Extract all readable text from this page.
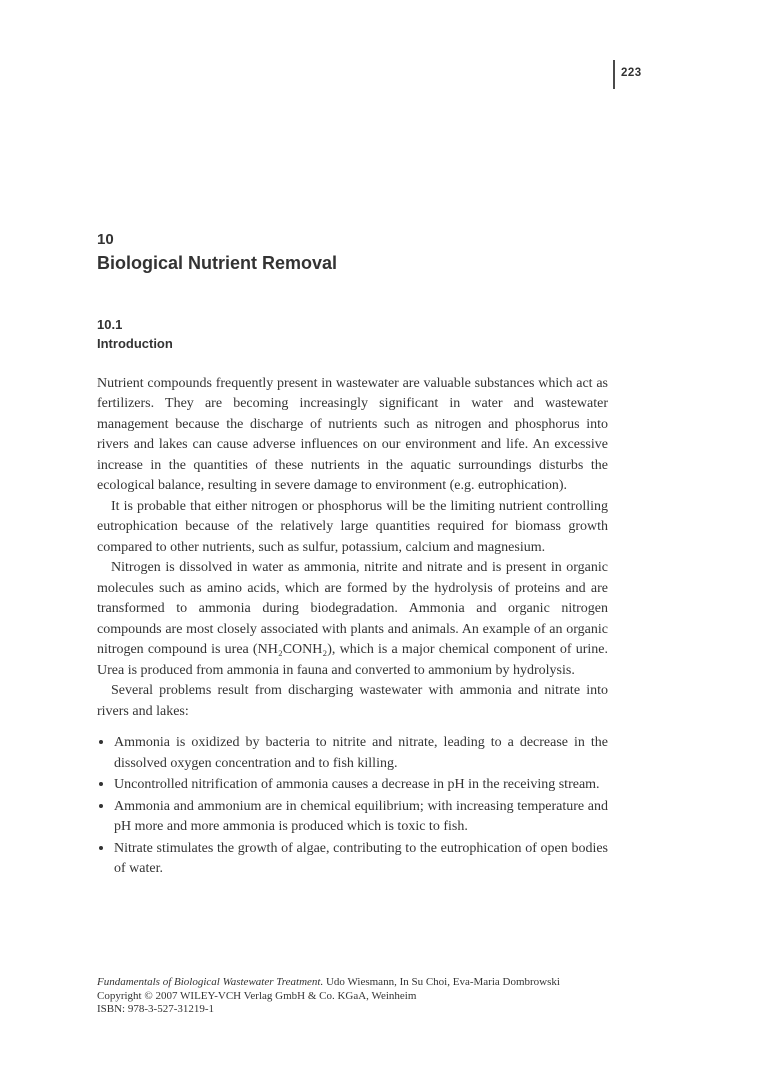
223
10
Biological Nutrient Removal
10.1
Introduction

Nutrient compounds frequently present in wastewater are valuable substances which act as fertilizers. They are becoming increasingly significant in water and wastewater management because the discharge of nutrients such as nitrogen and phosphorus into rivers and lakes can cause adverse influences on our environment and life. An excessive increase in the quantities of these nutrients in the aquatic surroundings disturbs the ecological balance, resulting in severe damage to environment (e.g. eutrophication).

It is probable that either nitrogen or phosphorus will be the limiting nutrient controlling eutrophication because of the relatively large quantities required for biomass growth compared to other nutrients, such as sulfur, potassium, calcium and magnesium.

Nitrogen is dissolved in water as ammonia, nitrite and nitrate and is present in organic molecules such as amino acids, which are formed by the hydrolysis of proteins and are transformed to ammonia during biodegradation. Ammonia and organic nitrogen compounds are most closely associated with plants and animals. An example of an organic nitrogen compound is urea (NH₂CONH₂), which is a major chemical component of urine. Urea is produced from ammonia in fauna and converted to ammonium by hydrolysis.

Several problems result from discharging wastewater with ammonia and nitrate into rivers and lakes:

• Ammonia is oxidized by bacteria to nitrite and nitrate, leading to a decrease in the dissolved oxygen concentration and to fish killing.
• Uncontrolled nitrification of ammonia causes a decrease in pH in the receiving stream.
• Ammonia and ammonium are in chemical equilibrium; with increasing temperature and pH more and more ammonia is produced which is toxic to fish.
• Nitrate stimulates the growth of algae, contributing to the eutrophication of open bodies of water.
Fundamentals of Biological Wastewater Treatment. Udo Wiesmann, In Su Choi, Eva-Maria Dombrowski
Copyright © 2007 WILEY-VCH Verlag GmbH & Co. KGaA, Weinheim
ISBN: 978-3-527-31219-1
